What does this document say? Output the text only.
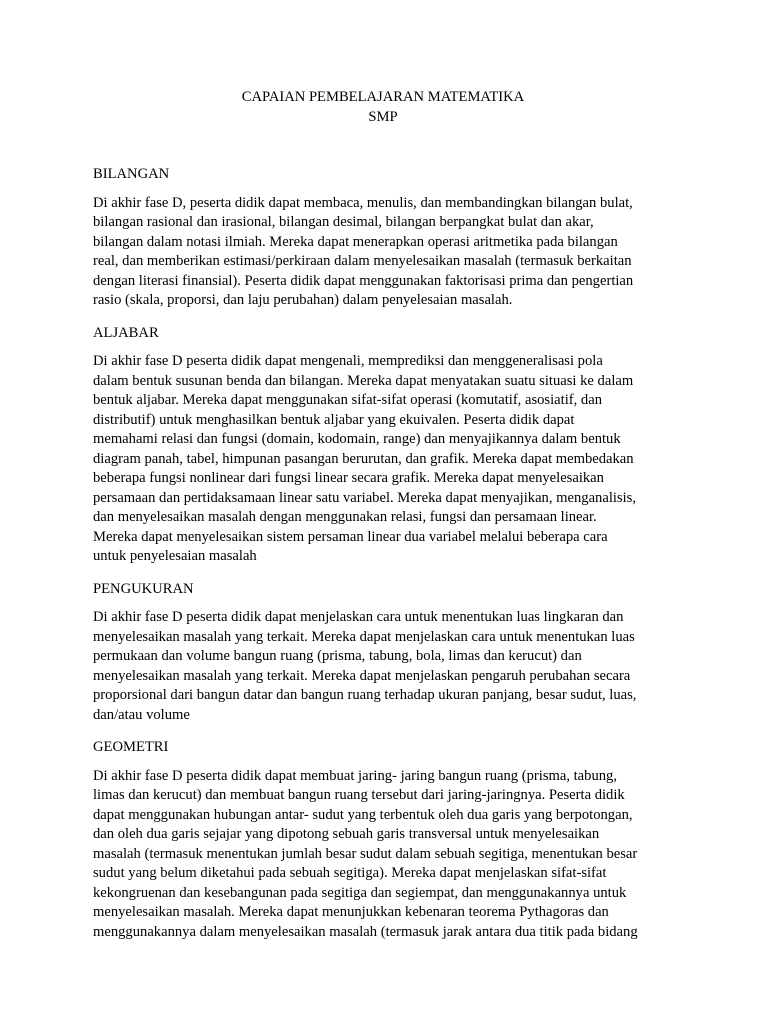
CAPAIAN PEMBELAJARAN MATEMATIKA
SMP
BILANGAN
Di akhir fase D, peserta didik dapat membaca, menulis, dan membandingkan bilangan bulat,
bilangan rasional dan irasional, bilangan desimal, bilangan berpangkat bulat dan akar,
bilangan dalam notasi ilmiah. Mereka dapat menerapkan operasi aritmetika pada bilangan
real, dan memberikan estimasi/perkiraan dalam menyelesaikan masalah (termasuk berkaitan
dengan literasi finansial). Peserta didik dapat menggunakan faktorisasi prima dan pengertian
rasio (skala, proporsi, dan laju perubahan) dalam penyelesaian masalah.
ALJABAR
Di akhir fase D peserta didik dapat mengenali, memprediksi dan menggeneralisasi pola
dalam bentuk susunan benda dan bilangan. Mereka dapat menyatakan suatu situasi ke dalam
bentuk aljabar. Mereka dapat menggunakan sifat-sifat operasi (komutatif, asosiatif, dan
distributif) untuk menghasilkan bentuk aljabar yang ekuivalen. Peserta didik dapat
memahami relasi dan fungsi (domain, kodomain, range) dan menyajikannya dalam bentuk
diagram panah, tabel, himpunan pasangan berurutan, dan grafik. Mereka dapat membedakan
beberapa fungsi nonlinear dari fungsi linear secara grafik. Mereka dapat menyelesaikan
persamaan dan pertidaksamaan linear satu variabel. Mereka dapat menyajikan, menganalisis,
dan menyelesaikan masalah dengan menggunakan relasi, fungsi dan persamaan linear.
Mereka dapat menyelesaikan sistem persaman linear dua variabel melalui beberapa cara
untuk penyelesaian masalah
PENGUKURAN
Di akhir fase D peserta didik dapat menjelaskan cara untuk menentukan luas lingkaran dan
menyelesaikan masalah yang terkait. Mereka dapat menjelaskan cara untuk menentukan luas
permukaan dan volume bangun ruang (prisma, tabung, bola, limas dan kerucut) dan
menyelesaikan masalah yang terkait. Mereka dapat menjelaskan pengaruh perubahan secara
proporsional dari bangun datar dan bangun ruang terhadap ukuran panjang, besar sudut, luas,
dan/atau volume
GEOMETRI
Di akhir fase D peserta didik dapat membuat jaring- jaring bangun ruang (prisma, tabung,
limas dan kerucut) dan membuat bangun ruang tersebut dari jaring-jaringnya. Peserta didik
dapat menggunakan hubungan antar- sudut yang terbentuk oleh dua garis yang berpotongan,
dan oleh dua garis sejajar yang dipotong sebuah garis transversal untuk menyelesaikan
masalah (termasuk menentukan jumlah besar sudut dalam sebuah segitiga, menentukan besar
sudut yang belum diketahui pada sebuah segitiga). Mereka dapat menjelaskan sifat-sifat
kekongruenan dan kesebangunan pada segitiga dan segiempat, dan menggunakannya untuk
menyelesaikan masalah. Mereka dapat menunjukkan kebenaran teorema Pythagoras dan
menggunakannya dalam menyelesaikan masalah (termasuk jarak antara dua titik pada bidang
